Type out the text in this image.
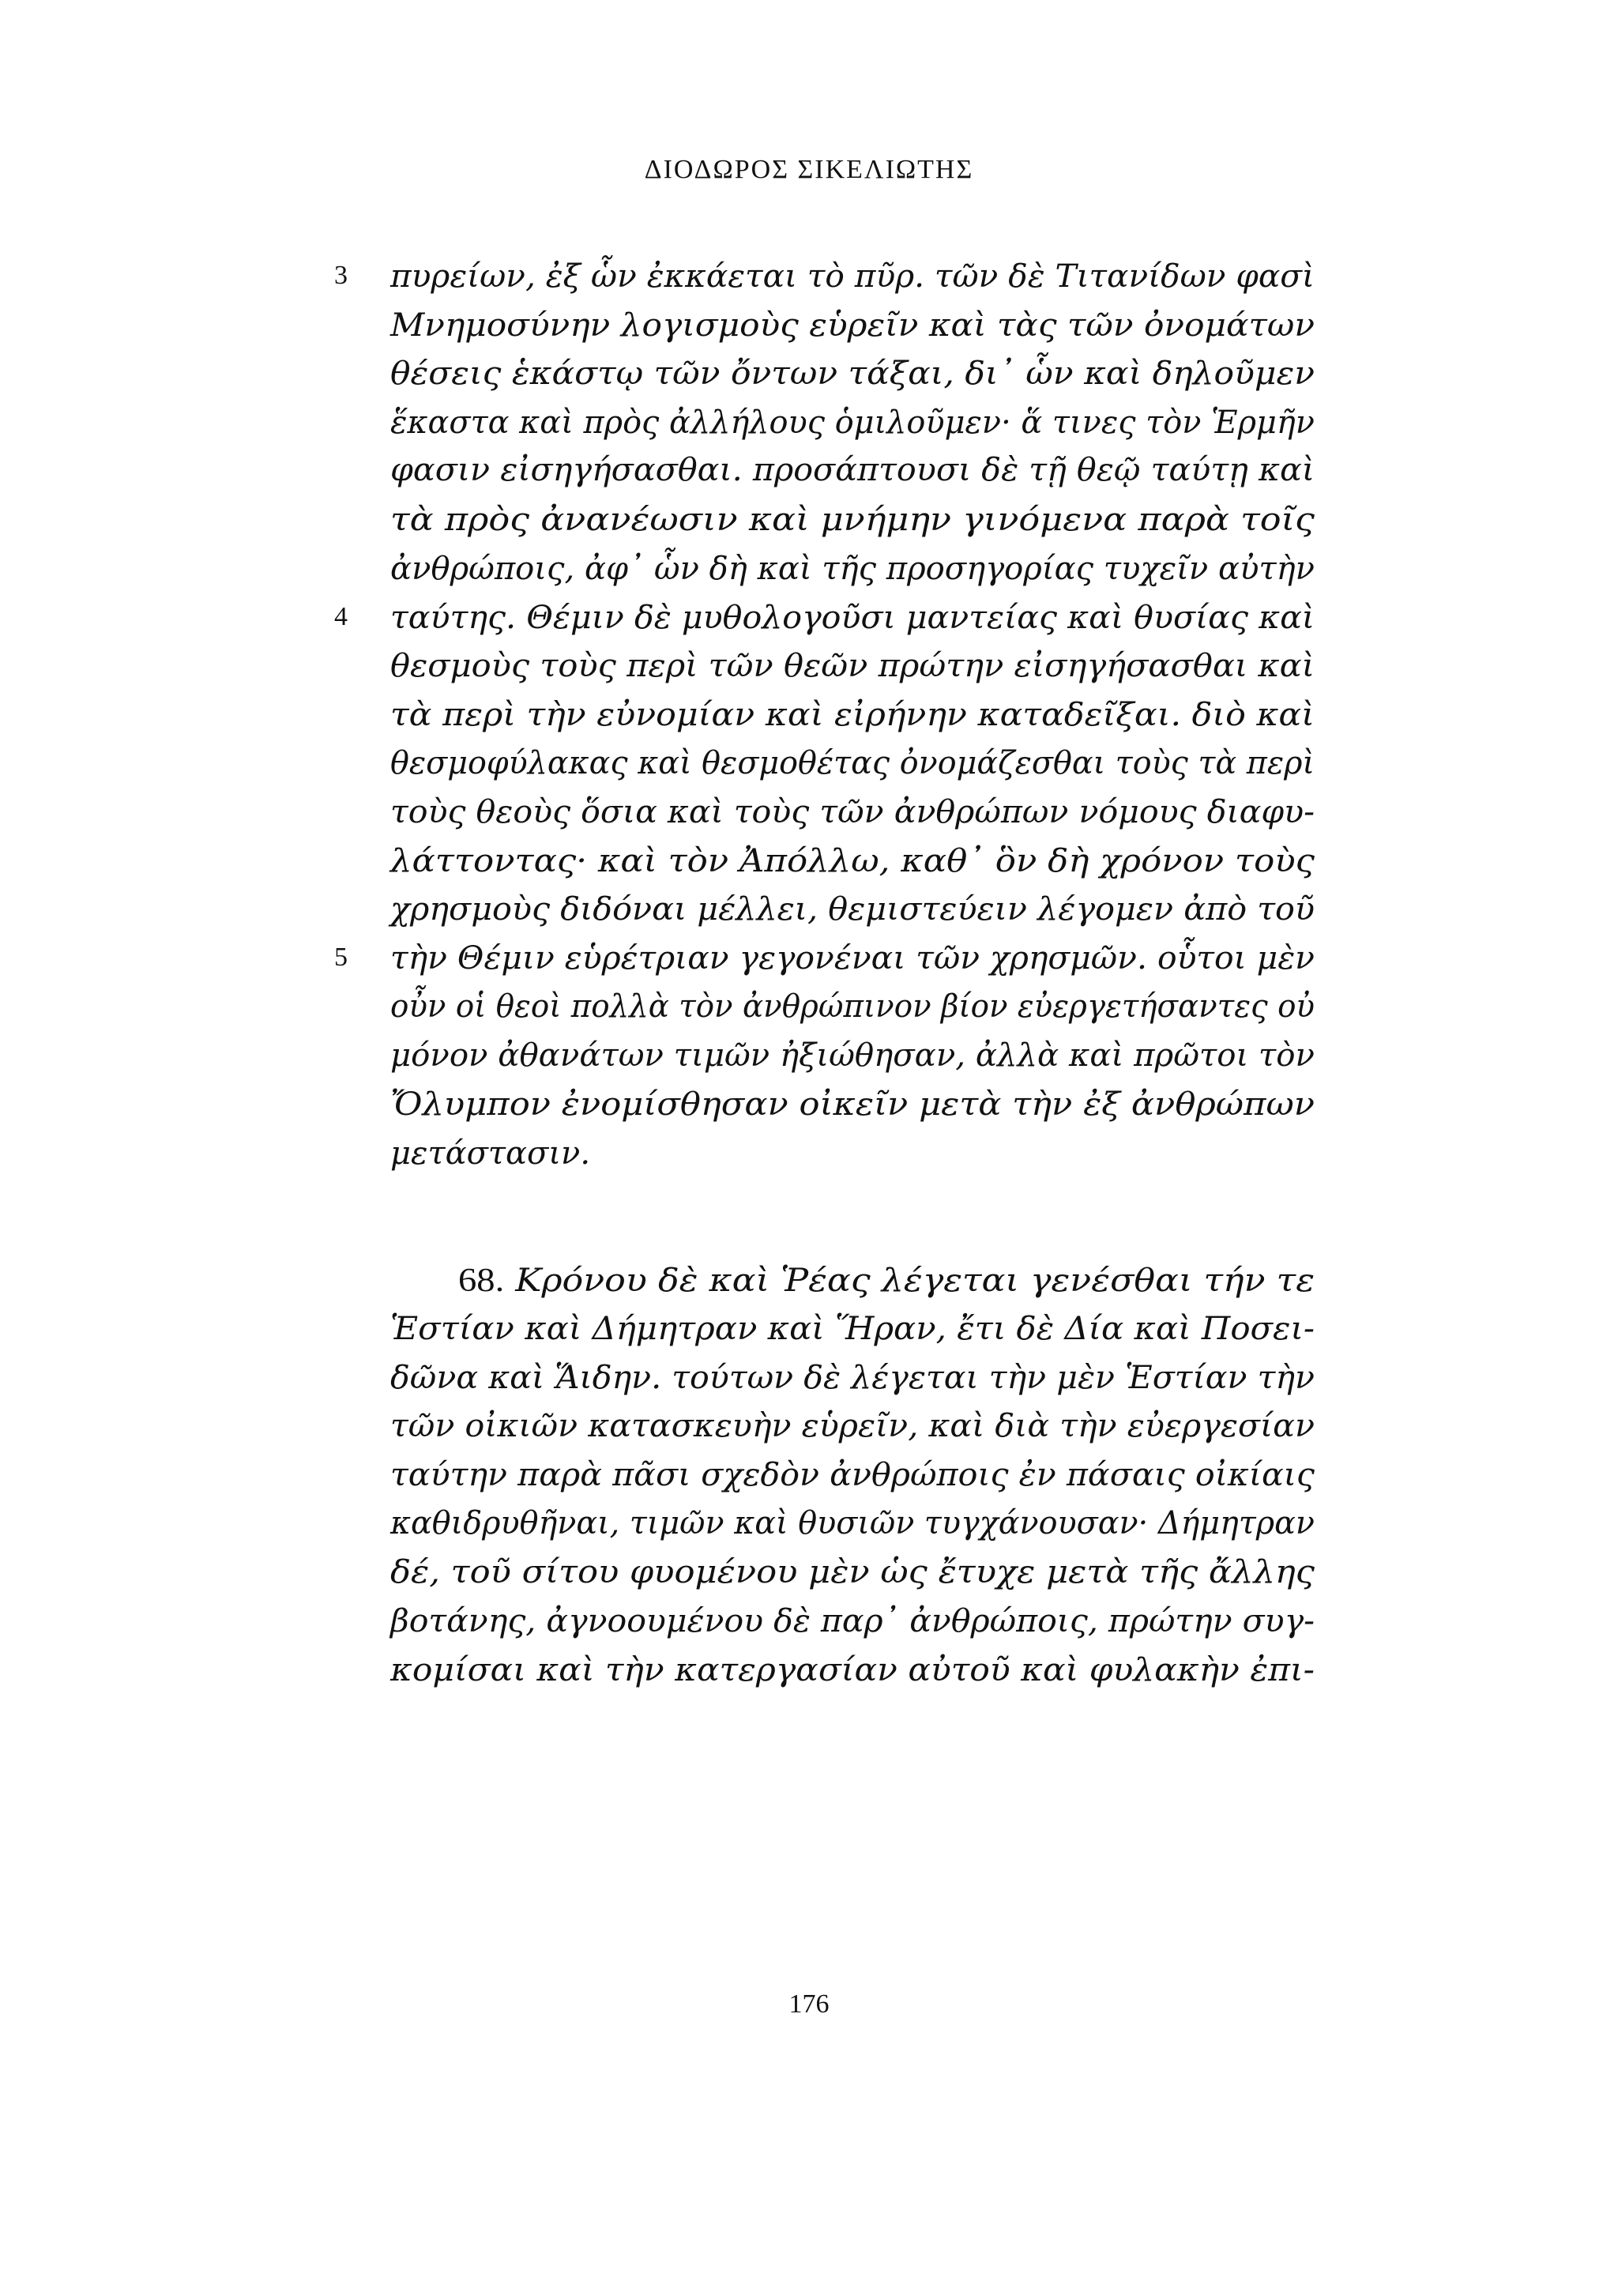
ΔΙΟΔΩΡΟΣ ΣΙΚΕΛΙΩΤΗΣ
πυρείων, ἐξ ὧν ἐκκάεται τὸ πῦρ. τῶν δὲ Τιτανίδων φασὶ
3
Μνημοσύνην λογισμοὺς εὑρεῖν καὶ τὰς τῶν ὀνομάτων
θέσεις ἑκάστῳ τῶν ὄντων τάξαι, δι᾽ ὧν καὶ δηλοῦμεν
ἕκαστα καὶ πρὸς ἀλλήλους ὁμιλοῦμεν· ἅ τινες τὸν Ἑρμῆν
φασιν εἰσηγήσασθαι. προσάπτουσι δὲ τῇ θεῷ ταύτῃ καὶ
τὰ πρὸς ἀνανέωσιν καὶ μνήμην γινόμενα παρὰ τοῖς
ἀνθρώποις, ἀφ᾽ ὧν δὴ καὶ τῆς προσηγορίας τυχεῖν αὐτὴν
ταύτης. Θέμιν δὲ μυθολογοῦσι μαντείας καὶ θυσίας καὶ
4
θεσμοὺς τοὺς περὶ τῶν θεῶν πρώτην εἰσηγήσασθαι καὶ
τὰ περὶ τὴν εὐνομίαν καὶ εἰρήνην καταδεῖξαι. διὸ καὶ
θεσμοφύλακας καὶ θεσμοθέτας ὀνομάζεσθαι τοὺς τὰ περὶ
τοὺς θεοὺς ὅσια καὶ τοὺς τῶν ἀνθρώπων νόμους διαφυ-
λάττοντας· καὶ τὸν Ἀπόλλω, καθ᾽ ὃν δὴ χρόνον τοὺς
χρησμοὺς διδόναι μέλλει, θεμιστεύειν λέγομεν ἀπὸ τοῦ
τὴν Θέμιν εὑρέτριαν γεγονέναι τῶν χρησμῶν. οὗτοι μὲν
5
οὖν οἱ θεοὶ πολλὰ τὸν ἀνθρώπινον βίον εὐεργετήσαντες οὐ
μόνον ἀθανάτων τιμῶν ἠξιώθησαν, ἀλλὰ καὶ πρῶτοι τὸν
Ὄλυμπον ἐνομίσθησαν οἰκεῖν μετὰ τὴν ἐξ ἀνθρώπων
μετάστασιν.
68. Κρόνου δὲ καὶ Ῥέας λέγεται γενέσθαι τήν τε
Ἑστίαν καὶ Δήμητραν καὶ Ἥραν, ἔτι δὲ Δία καὶ Ποσει-
δῶνα καὶ Ἅιδην. τούτων δὲ λέγεται τὴν μὲν Ἑστίαν τὴν
τῶν οἰκιῶν κατασκευὴν εὑρεῖν, καὶ διὰ τὴν εὐεργεσίαν
ταύτην παρὰ πᾶσι σχεδὸν ἀνθρώποις ἐν πάσαις οἰκίαις
καθιδρυθῆναι, τιμῶν καὶ θυσιῶν τυγχάνουσαν· Δήμητραν
δέ, τοῦ σίτου φυομένου μὲν ὡς ἔτυχε μετὰ τῆς ἄλλης
βοτάνης, ἀγνοουμένου δὲ παρ᾽ ἀνθρώποις, πρώτην συγ-
κομίσαι καὶ τὴν κατεργασίαν αὐτοῦ καὶ φυλακὴν ἐπι-
176
